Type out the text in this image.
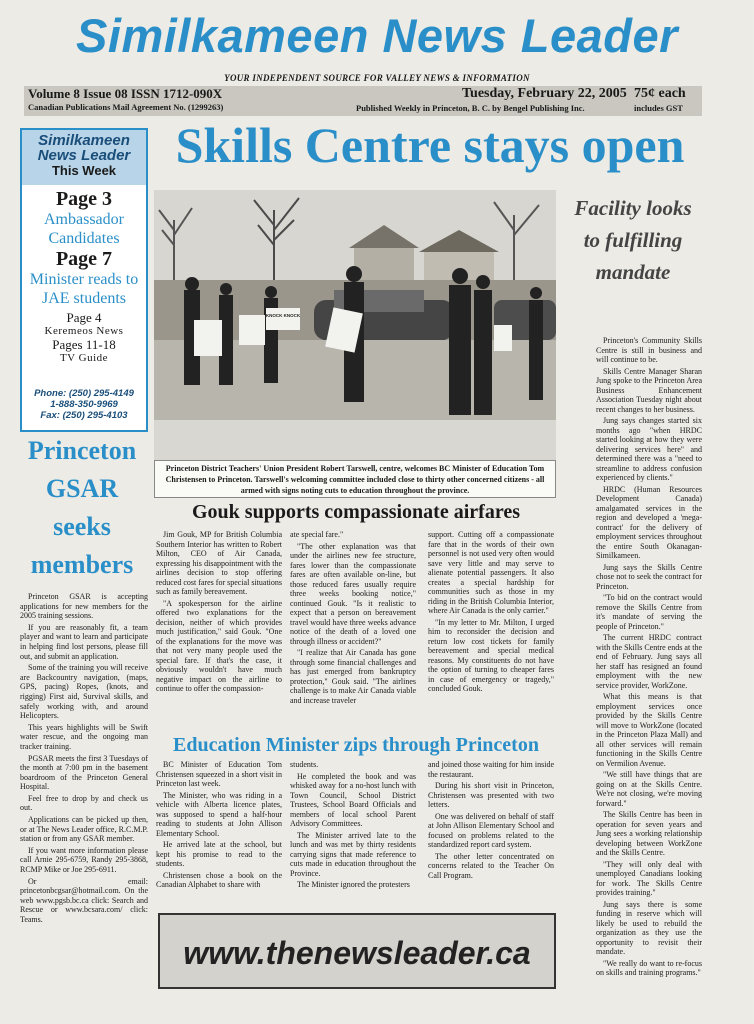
Similkameen News Leader
YOUR INDEPENDENT SOURCE FOR VALLEY NEWS & INFORMATION
Volume 8 Issue 08 ISSN 1712-090X
Canadian Publications Mail Agreement No. (1299263)
Tuesday, February 22, 2005
Published Weekly in Princeton, B. C. by Bengel Publishing Inc.
75¢ each
includes GST
Similkameen
News Leader
This Week
Page 3
Ambassador Candidates
Page 7
Minister reads to JAE students
Page 4
Keremeos News
Pages 11-18
TV Guide
Phone: (250) 295-4149
1-888-350-9969
Fax: (250) 295-4103
Princeton GSAR seeks members

Princeton GSAR is accepting applications for new members for the 2005 training sessions.

If you are reasonably fit, a team player and want to learn and participate in helping find lost persons, please fill out, and submit an application.

Some of the training you will receive are Backcountry navigation, (maps, GPS, pacing) Ropes, (knots, and rigging) First aid, Survival skills, and safely working with, and around Helicopters.

This years highlights will be Swift water rescue, and the ongoing man tracker training.

PGSAR meets the first 3 Tuesdays of the month at 7:00 pm in the basement boardroom of the Princeton General Hospital.

Feel free to drop by and check us out.

Applications can be picked up then, or at The News Leader office, R.C.M.P. station or from any GSAR member.

If you want more information please call Arnie 295-6759, Randy 295-3868, RCMP Mike or Joe 295-6911.

Or email: princetonbcgsar@hotmail.com. On the web www.pgsb.bc.ca click: Search and Rescue or www.bcsara.com/ click: Teams.

Skills Centre stays open
KNOCK KNOCK
Princeton District Teachers' Union President Robert Tarswell, centre, welcomes BC Minister of Education Tom Christensen to Princeton. Tarswell's welcoming committee included close to thirty other concerned citizens - all armed with signs noting cuts to education throughout the province.
Facility looks to fulfilling mandate

Princeton's Community Skills Centre is still in business and will continue to be.

Skills Centre Manager Sharan Jung spoke to the Princeton Area Business Enhancement Association Tuesday night about recent changes to her business.

Jung says changes started six months ago "when HRDC started looking at how they were delivering services here" and determined there was a "need to streamline to address confusion experienced by clients."

HRDC (Human Resources Development Canada) amalgamated services in the region and developed a 'mega-contract' for the delivery of employment services throughout the entire South Okanagan-Similkameen.

Jung says the Skills Centre chose not to seek the contract for Princeton.

"To bid on the contract would remove the Skills Centre from it's mandate of serving the people of Princeton."

The current HRDC contract with the Skills Centre ends at the end of February. Jung says all her staff has resigned an found employment with the new service provider, WorkZone.

What this means is that employment services once provided by the Skills Centre will move to WorkZone (located in the Princeton Plaza Mall) and all other services will remain functioning in the Skills Centre on Vermilion Avenue.

"We still have things that are going on at the Skills Centre. We're not closing, we're moving forward."

The Skills Centre has been in operation for seven years and Jung sees a working relationship developing between WorkZone and the Skills Centre.

"They will only deal with unemployed Canadians looking for work. The Skills Centre provides training."

Jung says there is some funding in reserve which will likely be used to rebuild the organization as they use the opportunity to revisit their mandate.

"We really do want to re-focus on skills and training programs."

Gouk supports compassionate airfares

Jim Gouk, MP for British Columbia Southern Interior has written to Robert Milton, CEO of Air Canada, expressing his disappointment with the airlines decision to stop offering reduced cost fares for special situations such as family bereavement.

"A spokesperson for the airline offered two explanations for the decision, neither of which provides much justification," said Gouk. "One of the explanations for the move was that not very many people used the special fare. If that's the case, it obviously wouldn't have much negative impact on the airline to continue to offer the compassion-

ate special fare."

"The other explanation was that under the airlines new fee structure, fares lower than the compassionate fares are often available on-line, but those reduced fares usually require three weeks booking notice," continued Gouk. "Is it realistic to expect that a person on bereavement travel would have three weeks advance notice of the death of a loved one through illness or accident?"

"I realize that Air Canada has gone through some financial challenges and has just emerged from bankruptcy protection," Gouk said. "The airlines challenge is to make Air Canada viable and increase traveler

support. Cutting off a compassionate fare that in the words of their own personnel is not used very often would save very little and may serve to alienate potential passengers. It also creates a special hardship for communities such as those in my riding in the British Columbia Interior, where Air Canada is the only carrier."

"In my letter to Mr. Milton, I urged him to reconsider the decision and return low cost tickets for family bereavement and special medical reasons. My constituents do not have the option of turning to cheaper fares in case of emergency or tragedy," concluded Gouk.

Education Minister zips through Princeton

BC Minister of Education Tom Christensen squeezed in a short visit in Princeton last week.

The Minister, who was riding in a vehicle with Alberta licence plates, was supposed to spend a half-hour reading to students at John Allison Elementary School.

He arrived late at the school, but kept his promise to read to the students.

Christensen chose a book on the Canadian Alphabet to share with

students.

He completed the book and was whisked away for a no-host lunch with Town Council, School District Trustees, School Board Officials and members of local school Parent Advisory Committees.

The Minister arrived late to the lunch and was met by thirty residents carrying signs that made reference to cuts made in education throughout the Province.

The Minister ignored the protesters

and joined those waiting for him inside the restaurant.

During his short visit in Princeton, Christensen was presented with two letters.

One was delivered on behalf of staff at John Allison Elementary School and focused on problems related to the standardized report card system.

The other letter concentrated on concerns related to the Teacher On Call Program.

www.thenewsleader.ca
